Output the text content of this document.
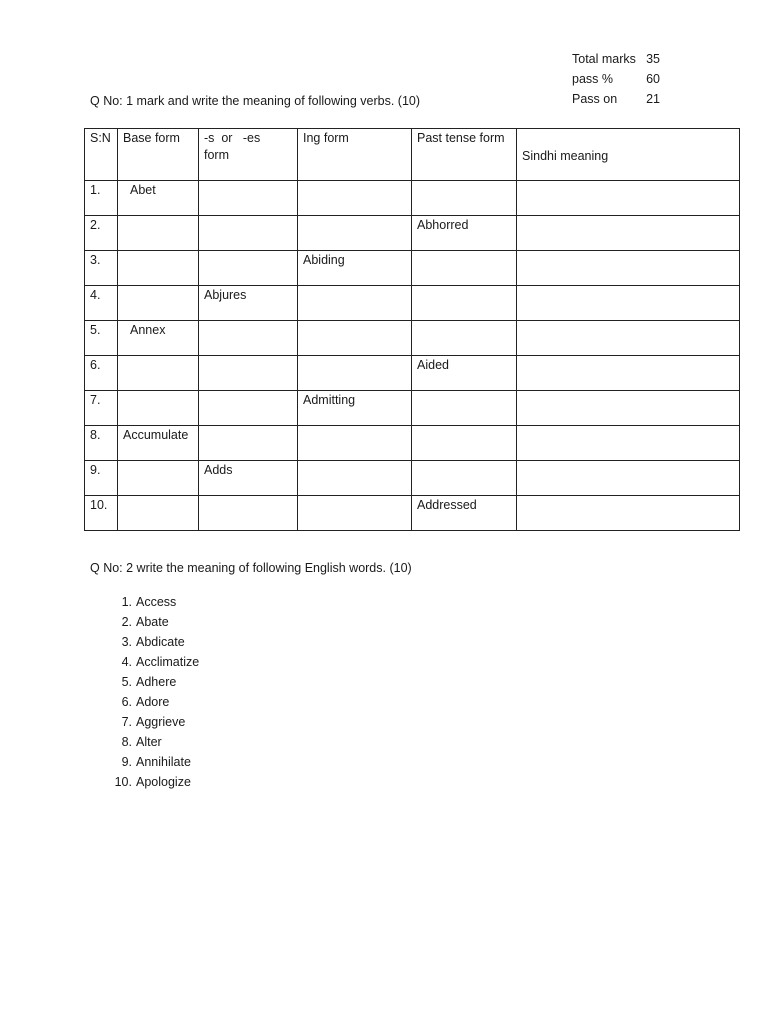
Total marks 35
pass %	60
Pass on 21
Q No: 1 mark and write the meaning of following verbs. (10)
S:N	Base form	-s  or   -es
form	Ing form	Past tense form	Sindhi meaning

1.	Abet				
2.				Abhorred	
3.			Abiding		
4.		Abjures			
5.	Annex				
6.				Aided	
7.			Admitting		
8.	Accumulate				
9.		Adds			
10.				Addressed	
Q No: 2 write the meaning of following English words. (10)
1. Access
2. Abate
3. Abdicate
4. Acclimatize
5. Adhere
6. Adore
7. Aggrieve
8. Alter
9. Annihilate
10. Apologize
